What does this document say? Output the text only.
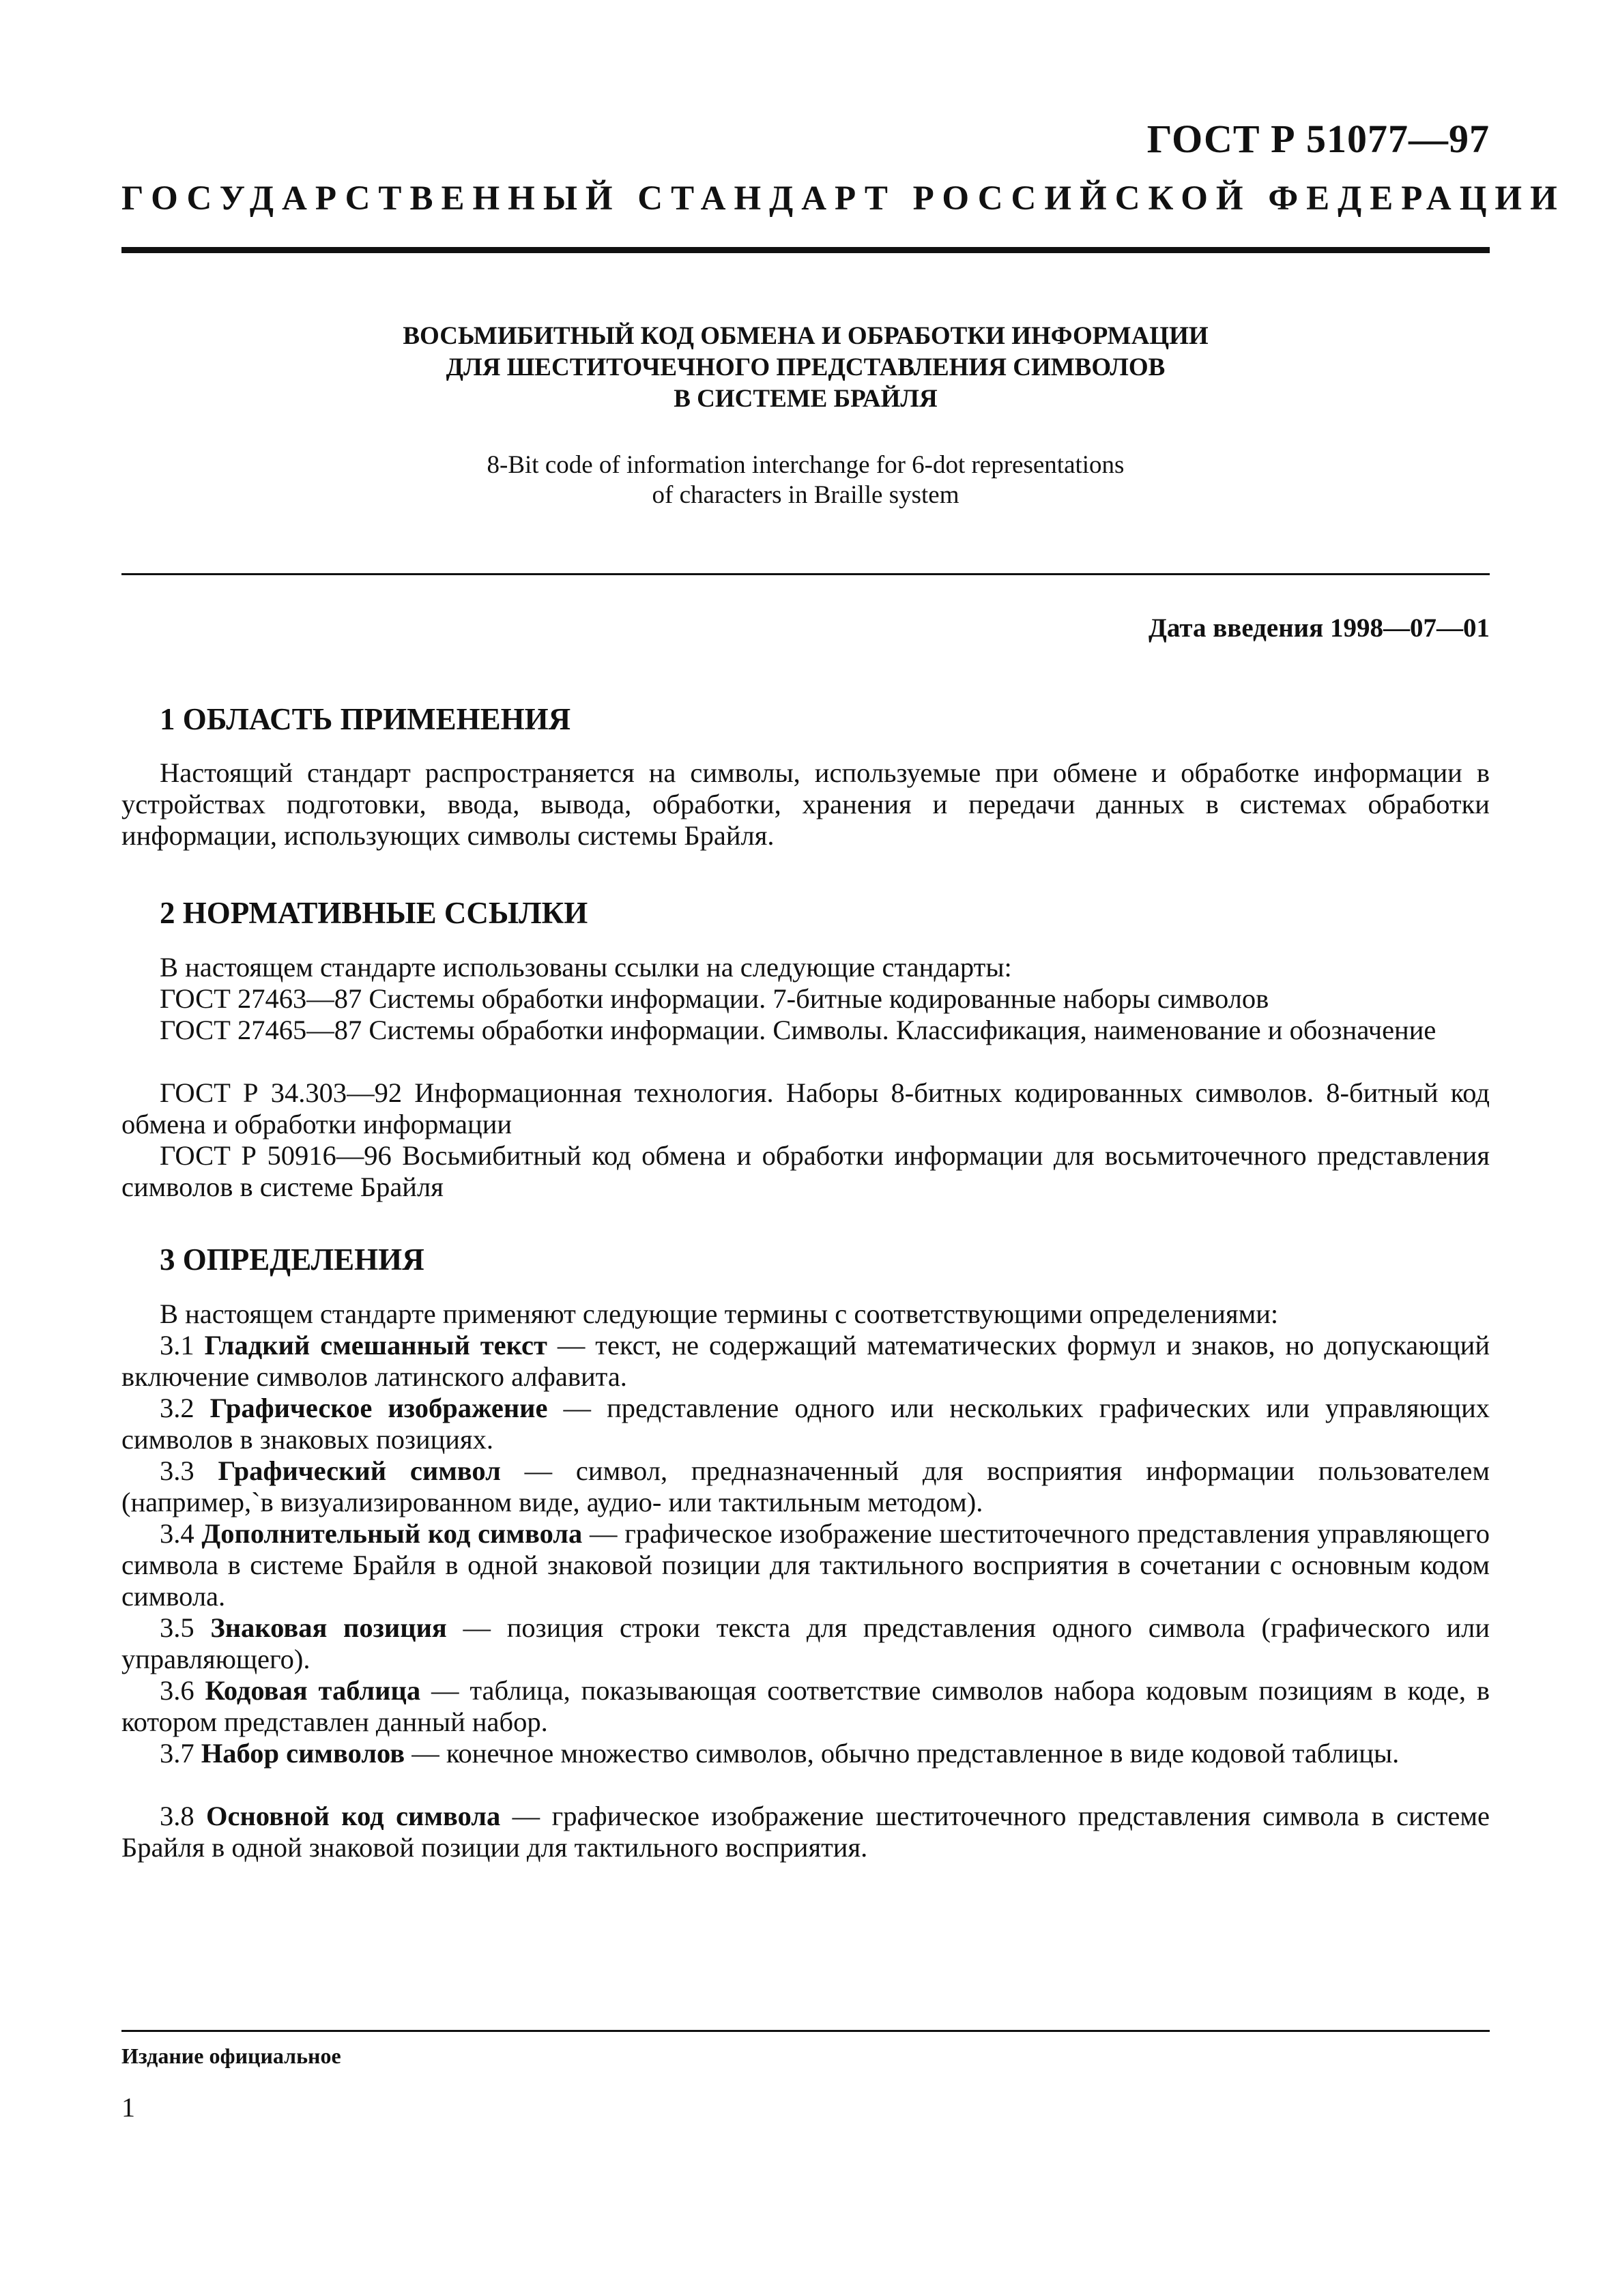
ГОСТ Р 51077—97
ГОСУДАРСТВЕННЫЙ СТАНДАРТ РОССИЙСКОЙ ФЕДЕРАЦИИ
ВОСЬМИБИТНЫЙ КОД ОБМЕНА И ОБРАБОТКИ ИНФОРМАЦИИ
ДЛЯ ШЕСТИТОЧЕЧНОГО ПРЕДСТАВЛЕНИЯ СИМВОЛОВ
В СИСТЕМЕ БРАЙЛЯ
8-Bit code of information interchange for 6-dot representations
of characters in Braille system
Дата введения 1998—07—01
1 ОБЛАСТЬ ПРИМЕНЕНИЯ
Настоящий стандарт распространяется на символы, используемые при обмене и обработке информации в устройствах подготовки, ввода, вывода, обработки, хранения и передачи данных в системах обработки информации, использующих символы системы Брайля.
2 НОРМАТИВНЫЕ ССЫЛКИ
В настоящем стандарте использованы ссылки на следующие стандарты:
ГОСТ 27463—87 Системы обработки информации. 7-битные кодированные наборы символов
ГОСТ 27465—87 Системы обработки информации. Символы. Классификация, наименование и обозначение
ГОСТ Р 34.303—92 Информационная технология. Наборы 8-битных кодированных символов. 8-битный код обмена и обработки информации
ГОСТ Р 50916—96 Восьмибитный код обмена и обработки информации для восьмиточечного представления символов в системе Брайля
3 ОПРЕДЕЛЕНИЯ
В настоящем стандарте применяют следующие термины с соответствующими определениями:
3.1 Гладкий смешанный текст — текст, не содержащий математических формул и знаков, но допускающий включение символов латинского алфавита.
3.2 Графическое изображение — представление одного или нескольких графических или управляющих символов в знаковых позициях.
3.3 Графический символ — символ, предназначенный для восприятия информации пользователем (например,`в визуализированном виде, аудио- или тактильным методом).
3.4 Дополнительный код символа — графическое изображение шеститочечного представления управляющего символа в системе Брайля в одной знаковой позиции для тактильного восприятия в сочетании с основным кодом символа.
3.5 Знаковая позиция — позиция строки текста для представления одного символа (графического или управляющего).
3.6 Кодовая таблица — таблица, показывающая соответствие символов набора кодовым позициям в коде, в котором представлен данный набор.
3.7 Набор символов — конечное множество символов, обычно представленное в виде кодовой таблицы.
3.8 Основной код символа — графическое изображение шеститочечного представления символа в системе Брайля в одной знаковой позиции для тактильного восприятия.
Издание официальное
1
